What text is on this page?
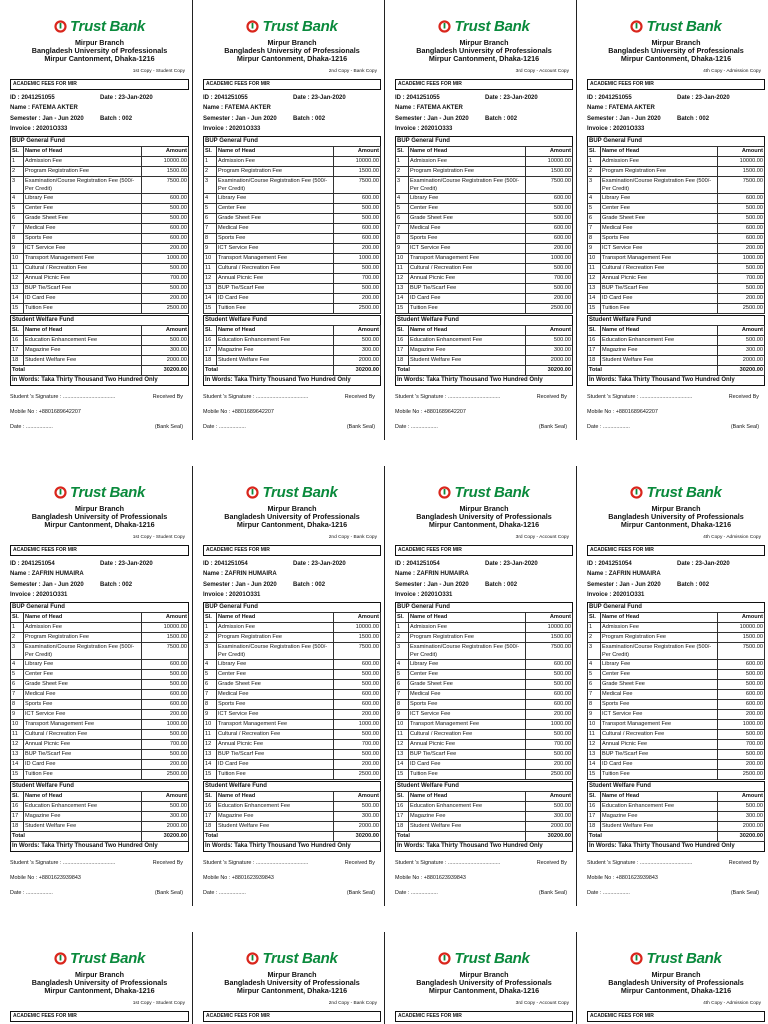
Trust Bank
Mirpur Branch
Bangladesh University of Professionals
Mirpur Cantonment, Dhaka-1216
1st Copy - Student Copy
ACADEMIC FEES FOR MIR
ID : 2041251055	Date : 23-Jan-2020
Name : FATEMA AKTER
Semester : Jan - Jun 2020	Batch : 002
Invoice : 20201O333
BUP General Fund
Sl.	Name of Head	Amount
1	Admission Fee	10000.00
2	Program Registration Fee	1500.00
3	Examination/Course Registration Fee (500/-Per Credit)	7500.00
4	Library Fee	600.00
5	Center Fee	500.00
6	Grade Sheet Fee	500.00
7	Medical Fee	600.00
8	Sports Fee	600.00
9	ICT Service Fee	200.00
10	Transport Management Fee	1000.00
11	Cultural / Recreation Fee	500.00
12	Annual Picnic Fee	700.00
13	BUP Tie/Scarf Fee	500.00
14	ID Card Fee	200.00
15	Tuition Fee	2500.00
Student Welfare Fund
Sl.	Name of Head	Amount
16	Education Enhancement Fee	500.00
17	Magazine Fee	300.00
18	Student Welfare Fee	2000.00
Total		30200.00
In Words: Taka Thirty Thousand Two Hundred Only
Student 's Signature : ...................................	Received By
Mobile No : +8801689642207
Date : ..................	(Bank Seal)
Trust Bank
Mirpur Branch
Bangladesh University of Professionals
Mirpur Cantonment, Dhaka-1216
2nd Copy - Bank Copy
ACADEMIC FEES FOR MIR
ID : 2041251055	Date : 23-Jan-2020
Name : FATEMA AKTER
Semester : Jan - Jun 2020	Batch : 002
Invoice : 20201O333
BUP General Fund
Sl.	Name of Head	Amount
1	Admission Fee	10000.00
2	Program Registration Fee	1500.00
3	Examination/Course Registration Fee (500/-Per Credit)	7500.00
4	Library Fee	600.00
5	Center Fee	500.00
6	Grade Sheet Fee	500.00
7	Medical Fee	600.00
8	Sports Fee	600.00
9	ICT Service Fee	200.00
10	Transport Management Fee	1000.00
11	Cultural / Recreation Fee	500.00
12	Annual Picnic Fee	700.00
13	BUP Tie/Scarf Fee	500.00
14	ID Card Fee	200.00
15	Tuition Fee	2500.00
Student Welfare Fund
Sl.	Name of Head	Amount
16	Education Enhancement Fee	500.00
17	Magazine Fee	300.00
18	Student Welfare Fee	2000.00
Total		30200.00
In Words: Taka Thirty Thousand Two Hundred Only
Student 's Signature : ...................................	Received By
Mobile No : +8801689642207
Date : ..................	(Bank Seal)
Trust Bank
Mirpur Branch
Bangladesh University of Professionals
Mirpur Cantonment, Dhaka-1216
3rd Copy - Account Copy
ACADEMIC FEES FOR MIR
ID : 2041251055	Date : 23-Jan-2020
Name : FATEMA AKTER
Semester : Jan - Jun 2020	Batch : 002
Invoice : 20201O333
BUP General Fund
Sl.	Name of Head	Amount
1	Admission Fee	10000.00
2	Program Registration Fee	1500.00
3	Examination/Course Registration Fee (500/-Per Credit)	7500.00
4	Library Fee	600.00
5	Center Fee	500.00
6	Grade Sheet Fee	500.00
7	Medical Fee	600.00
8	Sports Fee	600.00
9	ICT Service Fee	200.00
10	Transport Management Fee	1000.00
11	Cultural / Recreation Fee	500.00
12	Annual Picnic Fee	700.00
13	BUP Tie/Scarf Fee	500.00
14	ID Card Fee	200.00
15	Tuition Fee	2500.00
Student Welfare Fund
Sl.	Name of Head	Amount
16	Education Enhancement Fee	500.00
17	Magazine Fee	300.00
18	Student Welfare Fee	2000.00
Total		30200.00
In Words: Taka Thirty Thousand Two Hundred Only
Student 's Signature : ...................................	Received By
Mobile No : +8801689642207
Date : ..................	(Bank Seal)
Trust Bank
Mirpur Branch
Bangladesh University of Professionals
Mirpur Cantonment, Dhaka-1216
4th Copy - Admission Copy
ACADEMIC FEES FOR MIR
ID : 2041251055	Date : 23-Jan-2020
Name : FATEMA AKTER
Semester : Jan - Jun 2020	Batch : 002
Invoice : 20201O333
BUP General Fund
Sl.	Name of Head	Amount
1	Admission Fee	10000.00
2	Program Registration Fee	1500.00
3	Examination/Course Registration Fee (500/-Per Credit)	7500.00
4	Library Fee	600.00
5	Center Fee	500.00
6	Grade Sheet Fee	500.00
7	Medical Fee	600.00
8	Sports Fee	600.00
9	ICT Service Fee	200.00
10	Transport Management Fee	1000.00
11	Cultural / Recreation Fee	500.00
12	Annual Picnic Fee	700.00
13	BUP Tie/Scarf Fee	500.00
14	ID Card Fee	200.00
15	Tuition Fee	2500.00
Student Welfare Fund
Sl.	Name of Head	Amount
16	Education Enhancement Fee	500.00
17	Magazine Fee	300.00
18	Student Welfare Fee	2000.00
Total		30200.00
In Words: Taka Thirty Thousand Two Hundred Only
Student 's Signature : ...................................	Received By
Mobile No : +8801689642207
Date : ..................	(Bank Seal)
Trust Bank
Mirpur Branch
Bangladesh University of Professionals
Mirpur Cantonment, Dhaka-1216
1st Copy - Student Copy
ACADEMIC FEES FOR MIR
ID : 2041251054	Date : 23-Jan-2020
Name : ZAFRIN HUMAIRA
Semester : Jan - Jun 2020	Batch : 002
Invoice : 20201O331
BUP General Fund
Sl.	Name of Head	Amount
1	Admission Fee	10000.00
2	Program Registration Fee	1500.00
3	Examination/Course Registration Fee (500/-Per Credit)	7500.00
4	Library Fee	600.00
5	Center Fee	500.00
6	Grade Sheet Fee	500.00
7	Medical Fee	600.00
8	Sports Fee	600.00
9	ICT Service Fee	200.00
10	Transport Management Fee	1000.00
11	Cultural / Recreation Fee	500.00
12	Annual Picnic Fee	700.00
13	BUP Tie/Scarf Fee	500.00
14	ID Card Fee	200.00
15	Tuition Fee	2500.00
Student Welfare Fund
Sl.	Name of Head	Amount
16	Education Enhancement Fee	500.00
17	Magazine Fee	300.00
18	Student Welfare Fee	2000.00
Total		30200.00
In Words: Taka Thirty Thousand Two Hundred Only
Student 's Signature : ...................................	Received By
Mobile No : +8801623939843
Date : ..................	(Bank Seal)
Trust Bank
Mirpur Branch
Bangladesh University of Professionals
Mirpur Cantonment, Dhaka-1216
2nd Copy - Bank Copy
ACADEMIC FEES FOR MIR
ID : 2041251054	Date : 23-Jan-2020
Name : ZAFRIN HUMAIRA
Semester : Jan - Jun 2020	Batch : 002
Invoice : 20201O331
BUP General Fund
Sl.	Name of Head	Amount
1	Admission Fee	10000.00
2	Program Registration Fee	1500.00
3	Examination/Course Registration Fee (500/-Per Credit)	7500.00
4	Library Fee	600.00
5	Center Fee	500.00
6	Grade Sheet Fee	500.00
7	Medical Fee	600.00
8	Sports Fee	600.00
9	ICT Service Fee	200.00
10	Transport Management Fee	1000.00
11	Cultural / Recreation Fee	500.00
12	Annual Picnic Fee	700.00
13	BUP Tie/Scarf Fee	500.00
14	ID Card Fee	200.00
15	Tuition Fee	2500.00
Student Welfare Fund
Sl.	Name of Head	Amount
16	Education Enhancement Fee	500.00
17	Magazine Fee	300.00
18	Student Welfare Fee	2000.00
Total		30200.00
In Words: Taka Thirty Thousand Two Hundred Only
Student 's Signature : ...................................	Received By
Mobile No : +8801623939843
Date : ..................	(Bank Seal)
Trust Bank
Mirpur Branch
Bangladesh University of Professionals
Mirpur Cantonment, Dhaka-1216
3rd Copy - Account Copy
ACADEMIC FEES FOR MIR
ID : 2041251054	Date : 23-Jan-2020
Name : ZAFRIN HUMAIRA
Semester : Jan - Jun 2020	Batch : 002
Invoice : 20201O331
BUP General Fund
Sl.	Name of Head	Amount
1	Admission Fee	10000.00
2	Program Registration Fee	1500.00
3	Examination/Course Registration Fee (500/-Per Credit)	7500.00
4	Library Fee	600.00
5	Center Fee	500.00
6	Grade Sheet Fee	500.00
7	Medical Fee	600.00
8	Sports Fee	600.00
9	ICT Service Fee	200.00
10	Transport Management Fee	1000.00
11	Cultural / Recreation Fee	500.00
12	Annual Picnic Fee	700.00
13	BUP Tie/Scarf Fee	500.00
14	ID Card Fee	200.00
15	Tuition Fee	2500.00
Student Welfare Fund
Sl.	Name of Head	Amount
16	Education Enhancement Fee	500.00
17	Magazine Fee	300.00
18	Student Welfare Fee	2000.00
Total		30200.00
In Words: Taka Thirty Thousand Two Hundred Only
Student 's Signature : ...................................	Received By
Mobile No : +8801623939843
Date : ..................	(Bank Seal)
Trust Bank
Mirpur Branch
Bangladesh University of Professionals
Mirpur Cantonment, Dhaka-1216
4th Copy - Admission Copy
ACADEMIC FEES FOR MIR
ID : 2041251054	Date : 23-Jan-2020
Name : ZAFRIN HUMAIRA
Semester : Jan - Jun 2020	Batch : 002
Invoice : 20201O331
BUP General Fund
Sl.	Name of Head	Amount
1	Admission Fee	10000.00
2	Program Registration Fee	1500.00
3	Examination/Course Registration Fee (500/-Per Credit)	7500.00
4	Library Fee	600.00
5	Center Fee	500.00
6	Grade Sheet Fee	500.00
7	Medical Fee	600.00
8	Sports Fee	600.00
9	ICT Service Fee	200.00
10	Transport Management Fee	1000.00
11	Cultural / Recreation Fee	500.00
12	Annual Picnic Fee	700.00
13	BUP Tie/Scarf Fee	500.00
14	ID Card Fee	200.00
15	Tuition Fee	2500.00
Student Welfare Fund
Sl.	Name of Head	Amount
16	Education Enhancement Fee	500.00
17	Magazine Fee	300.00
18	Student Welfare Fee	2000.00
Total		30200.00
In Words: Taka Thirty Thousand Two Hundred Only
Student 's Signature : ...................................	Received By
Mobile No : +8801623939843
Date : ..................	(Bank Seal)
Trust Bank
Mirpur Branch
Bangladesh University of Professionals
Mirpur Cantonment, Dhaka-1216
1st Copy - Student Copy
ACADEMIC FEES FOR MIR
Trust Bank
Mirpur Branch
Bangladesh University of Professionals
Mirpur Cantonment, Dhaka-1216
2nd Copy - Bank Copy
ACADEMIC FEES FOR MIR
Trust Bank
Mirpur Branch
Bangladesh University of Professionals
Mirpur Cantonment, Dhaka-1216
3rd Copy - Account Copy
ACADEMIC FEES FOR MIR
Trust Bank
Mirpur Branch
Bangladesh University of Professionals
Mirpur Cantonment, Dhaka-1216
4th Copy - Admission Copy
ACADEMIC FEES FOR MIR
